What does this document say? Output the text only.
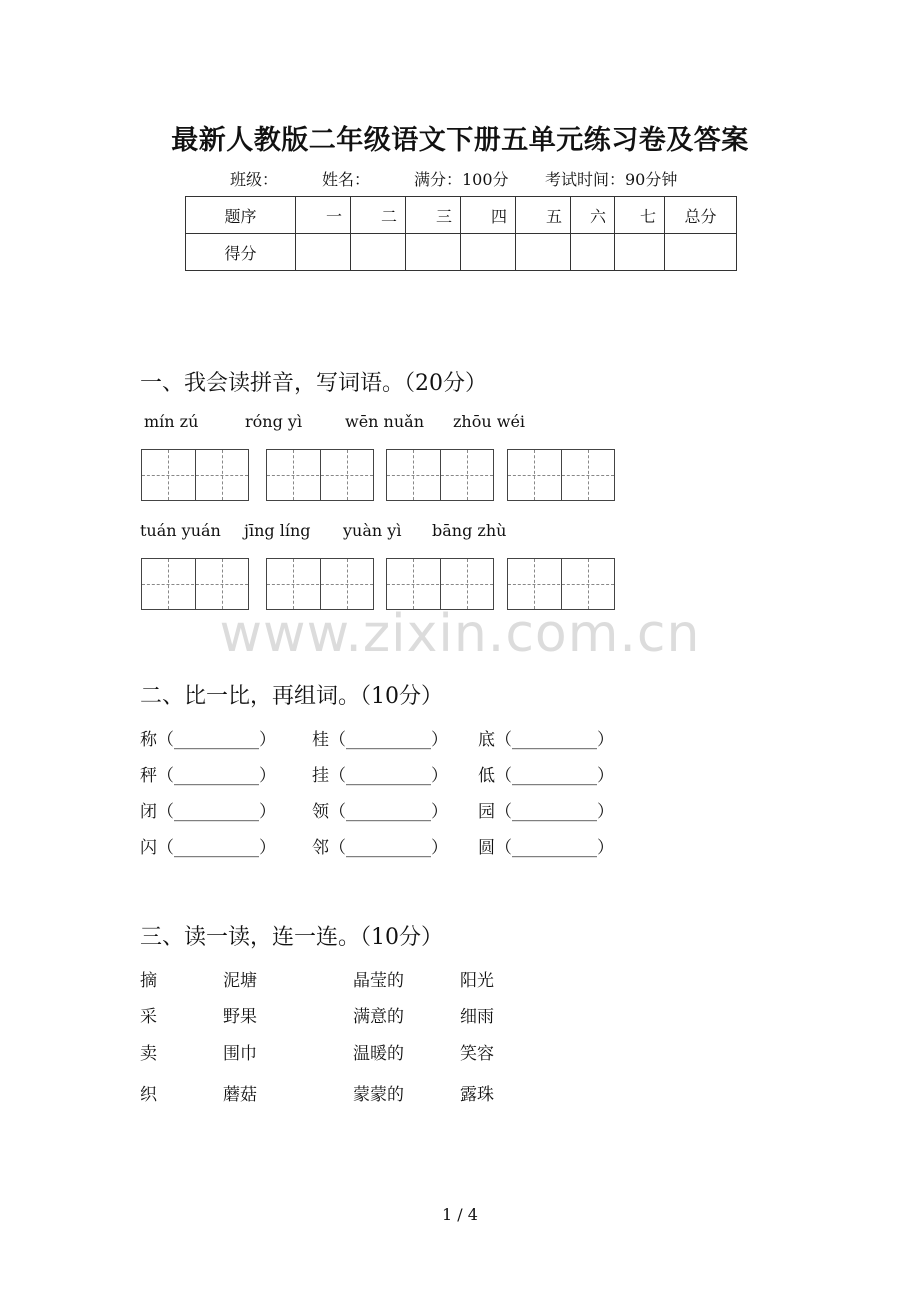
最新人教版二年级语文下册五单元练习卷及答案
班级：	姓名：	满分：100分 考试时间：90分钟
题序	一	二	三	四	五	六	七	总分
得分								
一、我会读拼音，写词语。（20分）
mín zú	róng yì	wēn nuǎn zhōu wéi
tuán yuán jīng líng yuàn yì bāng zhù
www.zixin.com.cn
二、比一比，再组词。（10分）
称（__________） 桂（__________） 底（__________）
秤（__________） 挂（__________） 低（__________）
闭（__________） 领（__________） 园（__________）
闪（__________） 邻（__________） 圆（__________）
三、读一读，连一连。（10分）
摘	泥塘	晶莹的	阳光
采	野果	满意的	细雨
卖	围巾	温暖的	笑容
织	蘑菇	蒙蒙的	露珠
1 / 4
